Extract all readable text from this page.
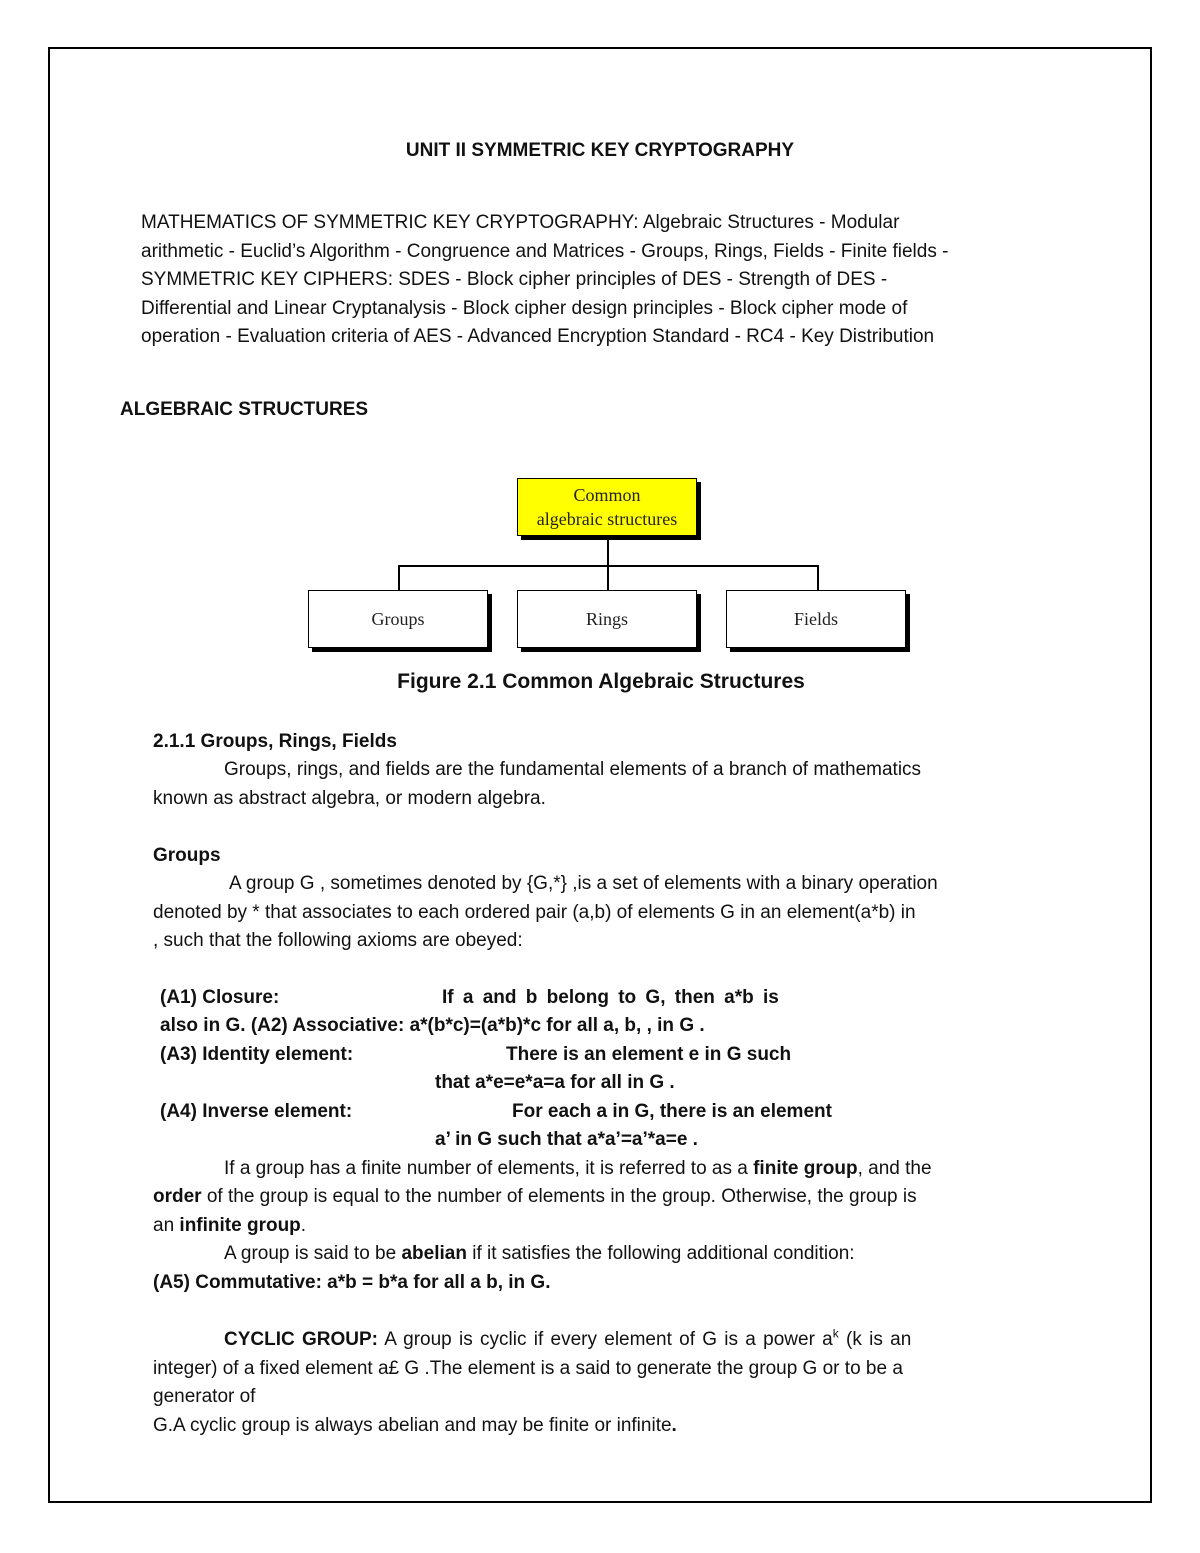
UNIT II SYMMETRIC KEY CRYPTOGRAPHY
MATHEMATICS OF SYMMETRIC KEY CRYPTOGRAPHY: Algebraic Structures - Modular
arithmetic - Euclid’s Algorithm - Congruence and Matrices - Groups, Rings, Fields - Finite fields -
SYMMETRIC KEY CIPHERS: SDES - Block cipher principles of DES - Strength of DES -
Differential and Linear Cryptanalysis - Block cipher design principles - Block cipher mode of
operation - Evaluation criteria of AES - Advanced Encryption Standard - RC4 - Key Distribution
ALGEBRAIC STRUCTURES
Common
algebraic structures
Groups	Rings	Fields
Figure 2.1 Common Algebraic Structures
2.1.1 Groups, Rings, Fields
Groups, rings, and fields are the fundamental elements of a branch of mathematics
known as abstract algebra, or modern algebra.
Groups
A group G , sometimes denoted by {G,*} ,is a set of elements with a binary operation
denoted by * that associates to each ordered pair (a,b) of elements G in an element(a*b) in
, such that the following axioms are obeyed:
(A1) Closure:	If a and b belong to G, then a*b is
also in G. (A2) Associative: a*(b*c)=(a*b)*c for all a, b, , in G .
(A3) Identity element:	There is an element e in G such
that a*e=e*a=a for all in G .
(A4) Inverse element:	For each a in G, there is an element
a’ in G such that a*a’=a’*a=e .
If a group has a finite number of elements, it is referred to as a finite group, and the
order of the group is equal to the number of elements in the group. Otherwise, the group is
an infinite group.
A group is said to be abelian if it satisfies the following additional condition:
(A5) Commutative: a*b = b*a for all a b, in G.
CYCLIC GROUP: A group is cyclic if every element of G is a power $a^k$ (k is an
integer) of a fixed element a£ G .The element is a said to generate the group G or to be a
generator of
G.A cyclic group is always abelian and may be finite or infinite.
